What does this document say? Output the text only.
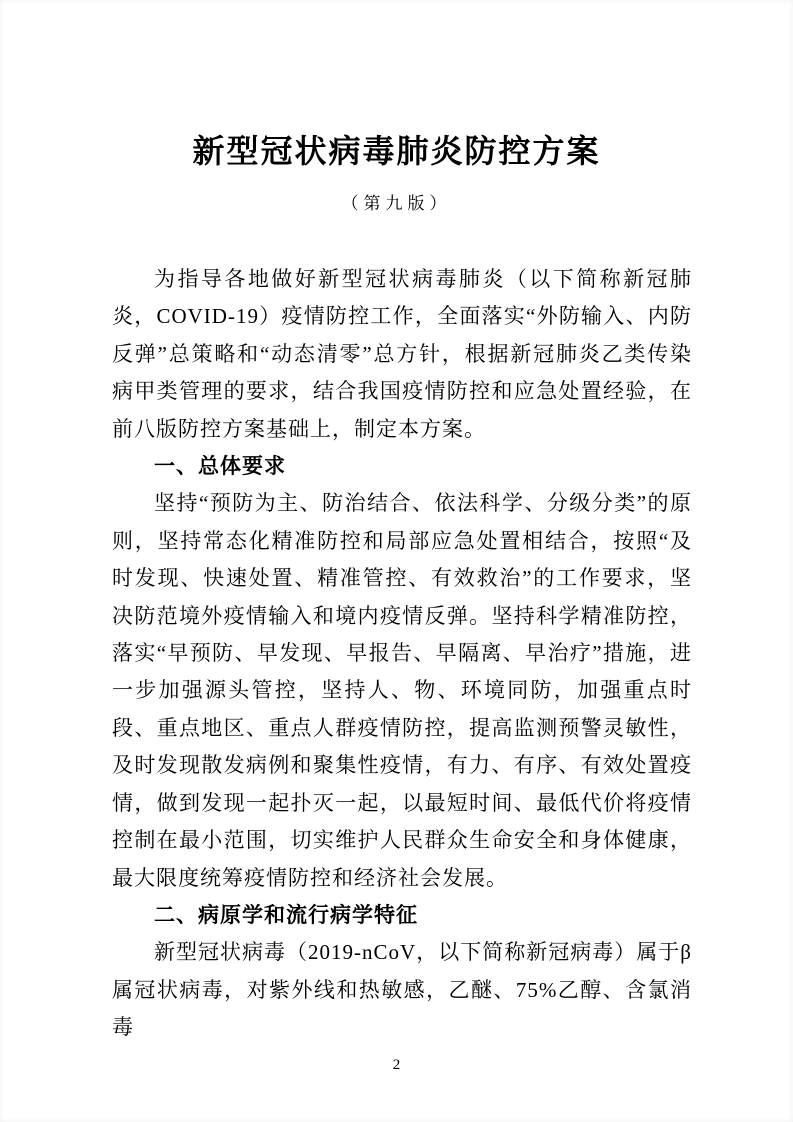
新型冠状病毒肺炎防控方案
（第九版）

为指导各地做好新型冠状病毒肺炎（以下简称新冠肺炎，COVID-19）疫情防控工作，全面落实“外防输入、内防反弹”总策略和“动态清零”总方针，根据新冠肺炎乙类传染病甲类管理的要求，结合我国疫情防控和应急处置经验，在前八版防控方案基础上，制定本方案。

一、总体要求

坚持“预防为主、防治结合、依法科学、分级分类”的原则，坚持常态化精准防控和局部应急处置相结合，按照“及时发现、快速处置、精准管控、有效救治”的工作要求，坚决防范境外疫情输入和境内疫情反弹。坚持科学精准防控，落实“早预防、早发现、早报告、早隔离、早治疗”措施，进一步加强源头管控，坚持人、物、环境同防，加强重点时段、重点地区、重点人群疫情防控，提高监测预警灵敏性，及时发现散发病例和聚集性疫情，有力、有序、有效处置疫情，做到发现一起扑灭一起，以最短时间、最低代价将疫情控制在最小范围，切实维护人民群众生命安全和身体健康，最大限度统筹疫情防控和经济社会发展。

二、病原学和流行病学特征

新型冠状病毒（2019-nCoV，以下简称新冠病毒）属于β属冠状病毒，对紫外线和热敏感，乙醚、75%乙醇、含氯消毒

2
